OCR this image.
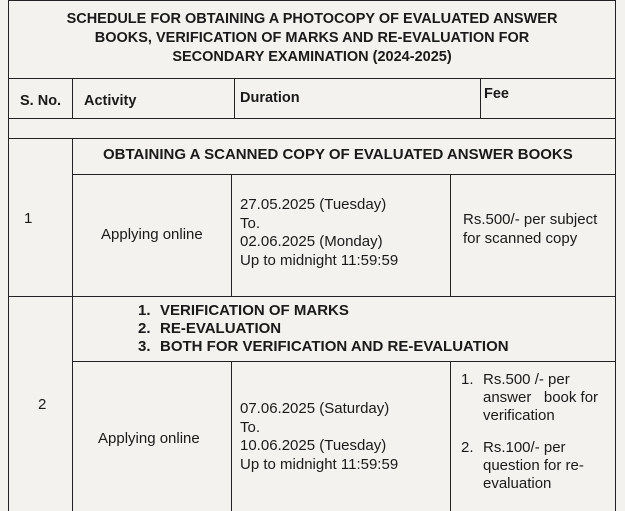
SCHEDULE FOR OBTAINING A PHOTOCOPY OF EVALUATED ANSWER
BOOKS, VERIFICATION OF MARKS AND RE-EVALUATION FOR
SECONDARY EXAMINATION (2024-2025)
S. No. Activity	Duration	Fee
OBTAINING A SCANNED COPY OF EVALUATED ANSWER BOOKS
1
Applying online
27.05.2025 (Tuesday)
To.
02.06.2025 (Monday)
Up to midnight 11:59:59
Rs.500/- per subject
for scanned copy
1. VERIFICATION OF MARKS
2. RE-EVALUATION
3. BOTH FOR VERIFICATION AND RE-EVALUATION
2
Applying online
07.06.2025 (Saturday)
To.
10.06.2025 (Tuesday)
Up to midnight 11:59:59
1. Rs.500 /- per
answer   book for
verification
2. Rs.100/- per
question for re-
evaluation
